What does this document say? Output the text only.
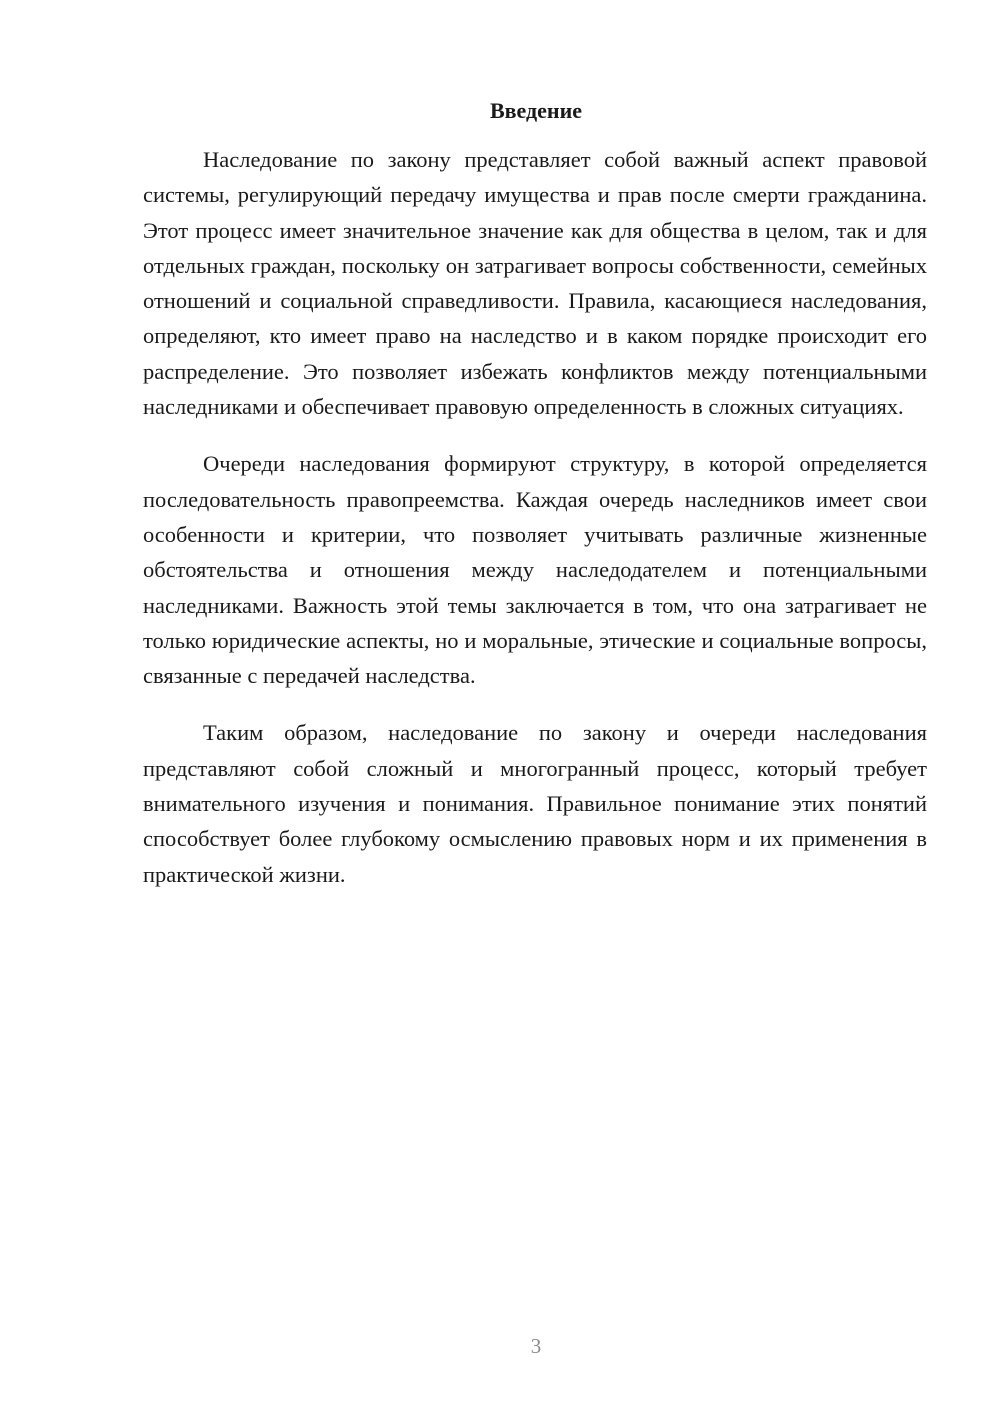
Введение

Наследование по закону представляет собой важный аспект правовой системы, регулирующий передачу имущества и прав после смерти гражданина. Этот процесс имеет значительное значение как для общества в целом, так и для отдельных граждан, поскольку он затрагивает вопросы собственности, семейных отношений и социальной справедливости. Правила, касающиеся наследования, определяют, кто имеет право на наследство и в каком порядке происходит его распределение. Это позволяет избежать конфликтов между потенциальными наследниками и обеспечивает правовую определенность в сложных ситуациях.

Очереди наследования формируют структуру, в которой определяется последовательность правопреемства. Каждая очередь наследников имеет свои особенности и критерии, что позволяет учитывать различные жизненные обстоятельства и отношения между наследодателем и потенциальными наследниками. Важность этой темы заключается в том, что она затрагивает не только юридические аспекты, но и моральные, этические и социальные вопросы, связанные с передачей наследства.

Таким образом, наследование по закону и очереди наследования представляют собой сложный и многогранный процесс, который требует внимательного изучения и понимания. Правильное понимание этих понятий способствует более глубокому осмыслению правовых норм и их применения в практической жизни.

3
